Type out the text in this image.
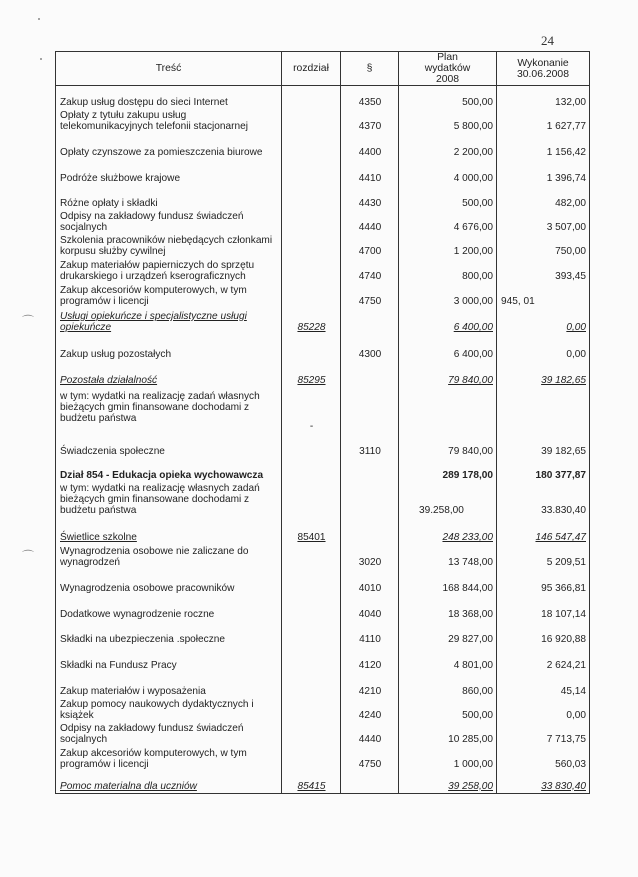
⌒
⌒
24
Treść	rozdział	§	Plan wydatków 2008	Wykonanie 30.06.2008
Zakup usług dostępu do sieci Internet		4350	500,00	132,00
Opłaty z tytułu zakupu usług telekomunikacyjnych telefonii stacjonarnej		4370	5 800,00	1 627,77
Opłaty czynszowe za pomieszczenia biurowe		4400	2 200,00	1 156,42
Podróże służbowe krajowe		4410	4 000,00	1 396,74
Różne opłaty i składki		4430	500,00	482,00
Odpisy na zakładowy fundusz świadczeń socjalnych		4440	4 676,00	3 507,00
Szkolenia pracowników niebędących członkami korpusu służby cywilnej		4700	1 200,00	750,00
Zakup materiałów papierniczych do sprzętu drukarskiego i urządzeń kserograficznych		4740	800,00	393,45
Zakup akcesoriów komputerowych, w tym programów i licencji		4750	3 000,00	945, 01
Usługi opiekuńcze i specjalistyczne usługi opiekuńcze	85228		6 400,00	0,00
Zakup usług pozostałych		4300	6 400,00	0,00
Pozostała działalność	85295		79 840,00	39 182,65
w tym: wydatki na realizację zadań własnych bieżących gmin finansowane dochodami z budżetu państwa	-			
Świadczenia społeczne		3110	79 840,00	39 182,65
Dział 854 - Edukacja opieka wychowawcza			289 178,00	180 377,87
w tym: wydatki na realizację własnych zadań bieżących gmin finansowane dochodami z budżetu państwa			39.258,00	33.830,40
Świetlice szkolne	85401		248 233,00	146 547,47
Wynagrodzenia osobowe nie zaliczane do wynagrodzeń		3020	13 748,00	5 209,51
Wynagrodzenia osobowe pracowników		4010	168 844,00	95 366,81
Dodatkowe wynagrodzenie roczne		4040	18 368,00	18 107,14
Składki na ubezpieczenia .społeczne		4110	29 827,00	16 920,88
Składki na Fundusz Pracy		4120	4 801,00	2 624,21
Zakup materiałów i wyposażenia		4210	860,00	45,14
Zakup pomocy naukowych dydaktycznych i książek		4240	500,00	0,00
Odpisy na zakładowy fundusz świadczeń socjalnych		4440	10 285,00	7 713,75
Zakup akcesoriów komputerowych, w tym programów i licencji		4750	1 000,00	560,03
Pomoc materialna dla uczniów	85415		39 258,00	33 830,40
